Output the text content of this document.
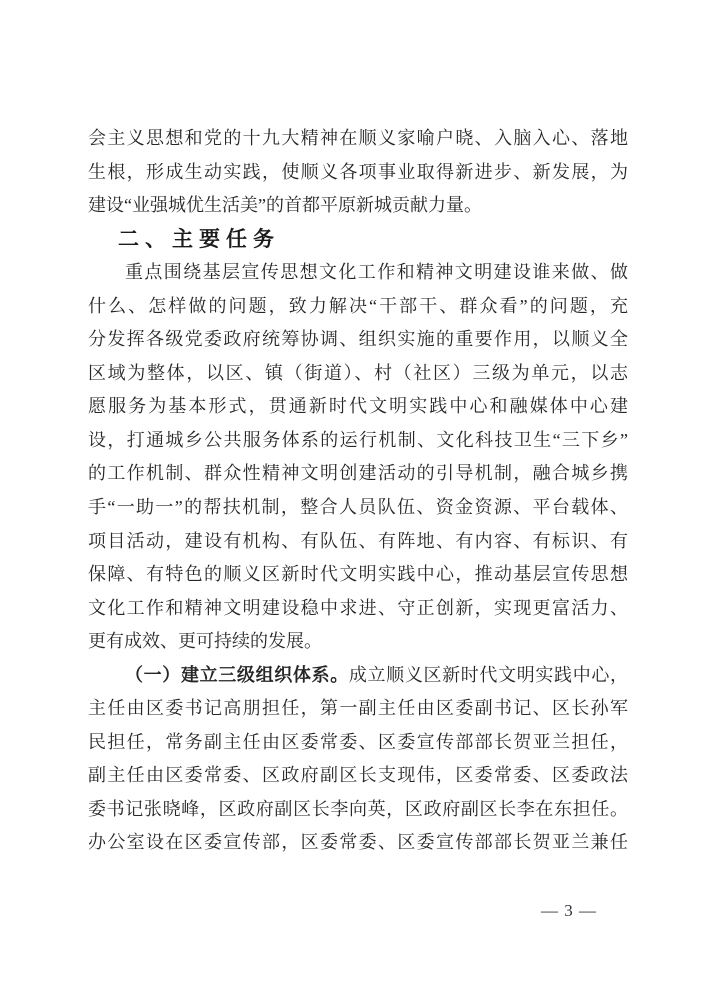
会主义思想和党的十九大精神在顺义家喻户晓、入脑入心、落地
生根，形成生动实践，使顺义各项事业取得新进步、新发展，为
建设“业强城优生活美”的首都平原新城贡献力量。
二、主要任务
重点围绕基层宣传思想文化工作和精神文明建设谁来做、做
什么、怎样做的问题，致力解决“干部干、群众看”的问题，充
分发挥各级党委政府统筹协调、组织实施的重要作用，以顺义全
区域为整体，以区、镇（街道）、村（社区）三级为单元，以志
愿服务为基本形式，贯通新时代文明实践中心和融媒体中心建
设，打通城乡公共服务体系的运行机制、文化科技卫生“三下乡”
的工作机制、群众性精神文明创建活动的引导机制，融合城乡携
手“一助一”的帮扶机制，整合人员队伍、资金资源、平台载体、
项目活动，建设有机构、有队伍、有阵地、有内容、有标识、有
保障、有特色的顺义区新时代文明实践中心，推动基层宣传思想
文化工作和精神文明建设稳中求进、守正创新，实现更富活力、
更有成效、更可持续的发展。
（一）建立三级组织体系。成立顺义区新时代文明实践中心，
主任由区委书记高朋担任，第一副主任由区委副书记、区长孙军
民担任，常务副主任由区委常委、区委宣传部部长贺亚兰担任，
副主任由区委常委、区政府副区长支现伟，区委常委、区委政法
委书记张晓峰，区政府副区长李向英，区政府副区长李在东担任。
办公室设在区委宣传部，区委常委、区委宣传部部长贺亚兰兼任
— 3 —
